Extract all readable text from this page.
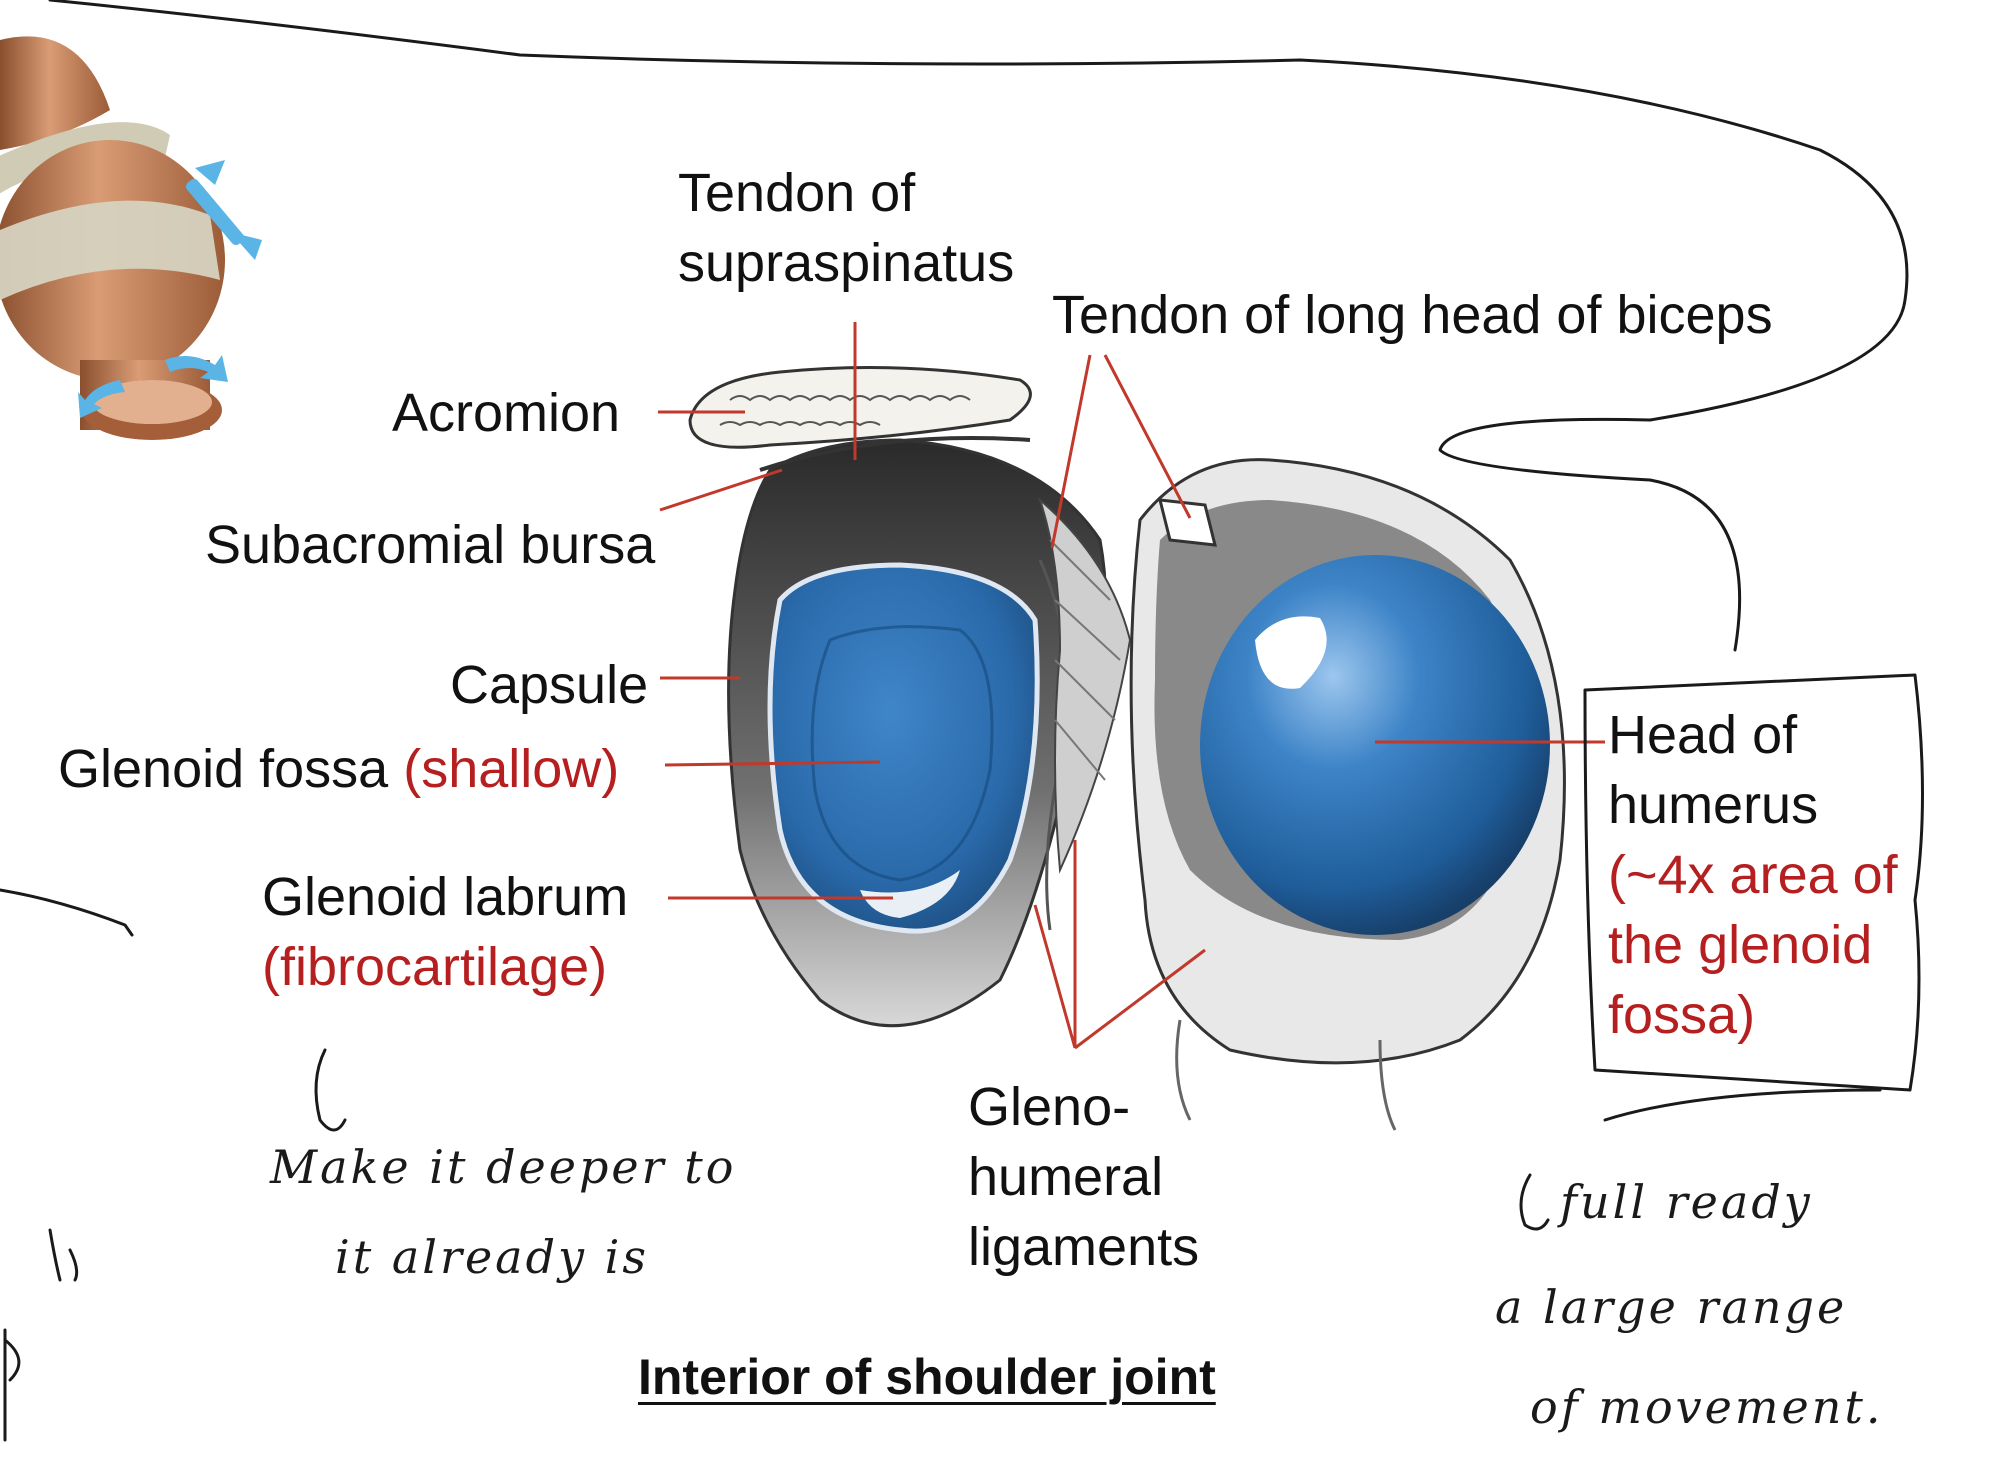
Tendon of
supraspinatus
Tendon of long head of biceps
Acromion
Subacromial bursa
Capsule
Glenoid fossa (shallow)
Glenoid labrum
(fibrocartilage)
Gleno-
humeral
ligaments
Head of
humerus
(~4x area of
the glenoid
fossa)
Interior of shoulder joint
Make it deeper to
it already is
full ready
a large range
of movement.
